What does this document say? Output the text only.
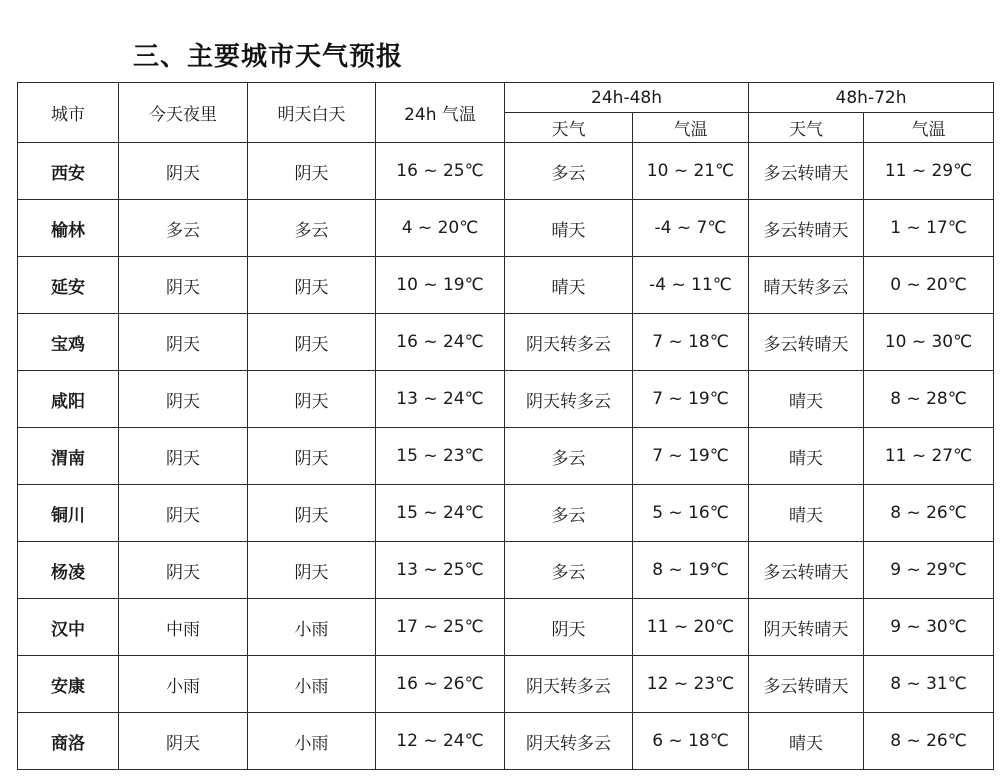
三、主要城市天气预报
城市	今天夜里	明天白天	24h 气温	24h-48h		48h-72h	
				天气	气温	天气	气温
西安	阴天	阴天	16 ~ 25℃	多云	10 ~ 21℃	多云转晴天	11 ~ 29℃
榆林	多云	多云	4 ~ 20℃	晴天	-4 ~ 7℃	多云转晴天	1 ~ 17℃
延安	阴天	阴天	10 ~ 19℃	晴天	-4 ~ 11℃	晴天转多云	0 ~ 20℃
宝鸡	阴天	阴天	16 ~ 24℃	阴天转多云	7 ~ 18℃	多云转晴天	10 ~ 30℃
咸阳	阴天	阴天	13 ~ 24℃	阴天转多云	7 ~ 19℃	晴天	8 ~ 28℃
渭南	阴天	阴天	15 ~ 23℃	多云	7 ~ 19℃	晴天	11 ~ 27℃
铜川	阴天	阴天	15 ~ 24℃	多云	5 ~ 16℃	晴天	8 ~ 26℃
杨凌	阴天	阴天	13 ~ 25℃	多云	8 ~ 19℃	多云转晴天	9 ~ 29℃
汉中	中雨	小雨	17 ~ 25℃	阴天	11 ~ 20℃	阴天转晴天	9 ~ 30℃
安康	小雨	小雨	16 ~ 26℃	阴天转多云	12 ~ 23℃	多云转晴天	8 ~ 31℃
商洛	阴天	小雨	12 ~ 24℃	阴天转多云	6 ~ 18℃	晴天	8 ~ 26℃
